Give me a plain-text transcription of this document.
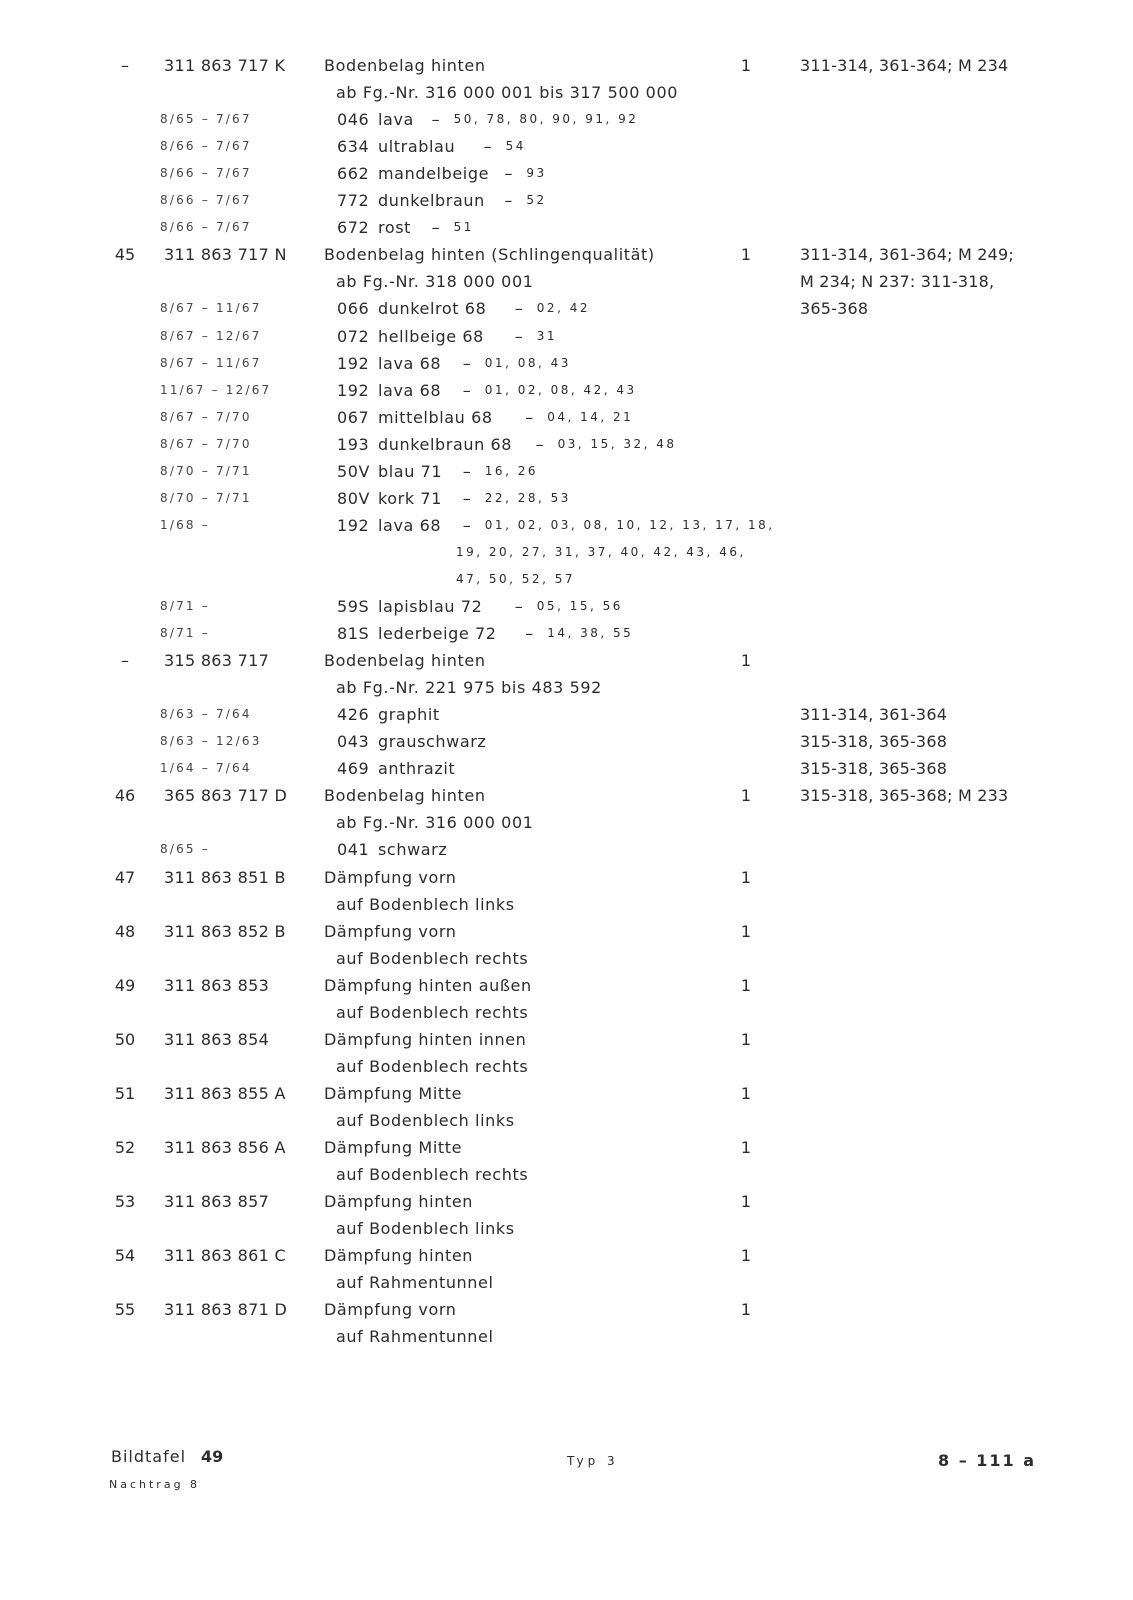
–	311 863 717 K Bodenbelag hinten	1	311-314, 361-364; M 234
ab Fg.-Nr. 316 000 001 bis 317 500 000
8/65 – 7/67	046 lava – 50, 78, 80, 90, 91, 92
8/66 – 7/67	634 ultrablau – 54
8/66 – 7/67	662 mandelbeige – 93
8/66 – 7/67	772 dunkelbraun – 52
8/66 – 7/67	672 rost – 51
45	311 863 717 N Bodenbelag hinten (Schlingenqualität)	1	311-314, 361-364; M 249;
ab Fg.-Nr. 318 000 001	M 234; N 237: 311-318,
8/67 – 11/67	066 dunkelrot 68 – 02, 42	365-368
8/67 – 12/67	072 hellbeige 68 – 31
8/67 – 11/67	192 lava 68 – 01, 08, 43
11/67 – 12/67	192 lava 68 – 01, 02, 08, 42, 43
8/67 – 7/70	067 mittelblau 68 – 04, 14, 21
8/67 – 7/70	193 dunkelbraun 68 – 03, 15, 32, 48
8/70 – 7/71	50V blau 71 – 16, 26
8/70 – 7/71	80V kork 71 – 22, 28, 53
1/68 –	192 lava 68 – 01, 02, 03, 08, 10, 12, 13, 17, 18,
19, 20, 27, 31, 37, 40, 42, 43, 46,
47, 50, 52, 57
8/71 –	59S lapisblau 72 – 05, 15, 56
8/71 –	81S lederbeige 72 – 14, 38, 55
–	315 863 717	Bodenbelag hinten	1
ab Fg.-Nr. 221 975 bis 483 592
8/63 – 7/64	426 graphit	311-314, 361-364
8/63 – 12/63	043 grauschwarz	315-318, 365-368
1/64 – 7/64	469 anthrazit	315-318, 365-368
46	365 863 717 D Bodenbelag hinten	1	315-318, 365-368; M 233
ab Fg.-Nr. 316 000 001
8/65 –	041 schwarz
47	311 863 851 B Dämpfung vorn	1
auf Bodenblech links
48	311 863 852 B Dämpfung vorn	1
auf Bodenblech rechts
49	311 863 853	Dämpfung hinten außen	1
auf Bodenblech rechts
50	311 863 854	Dämpfung hinten innen	1
auf Bodenblech rechts
51	311 863 855 A Dämpfung Mitte	1
auf Bodenblech links
52	311 863 856 A Dämpfung Mitte	1
auf Bodenblech rechts
53	311 863 857	Dämpfung hinten	1
auf Bodenblech links
54	311 863 861 C Dämpfung hinten	1
auf Rahmentunnel
55	311 863 871 D Dämpfung vorn	1
auf Rahmentunnel
Bildtafel 49
Nachtrag 8
Typ 3	8 – 111 a
